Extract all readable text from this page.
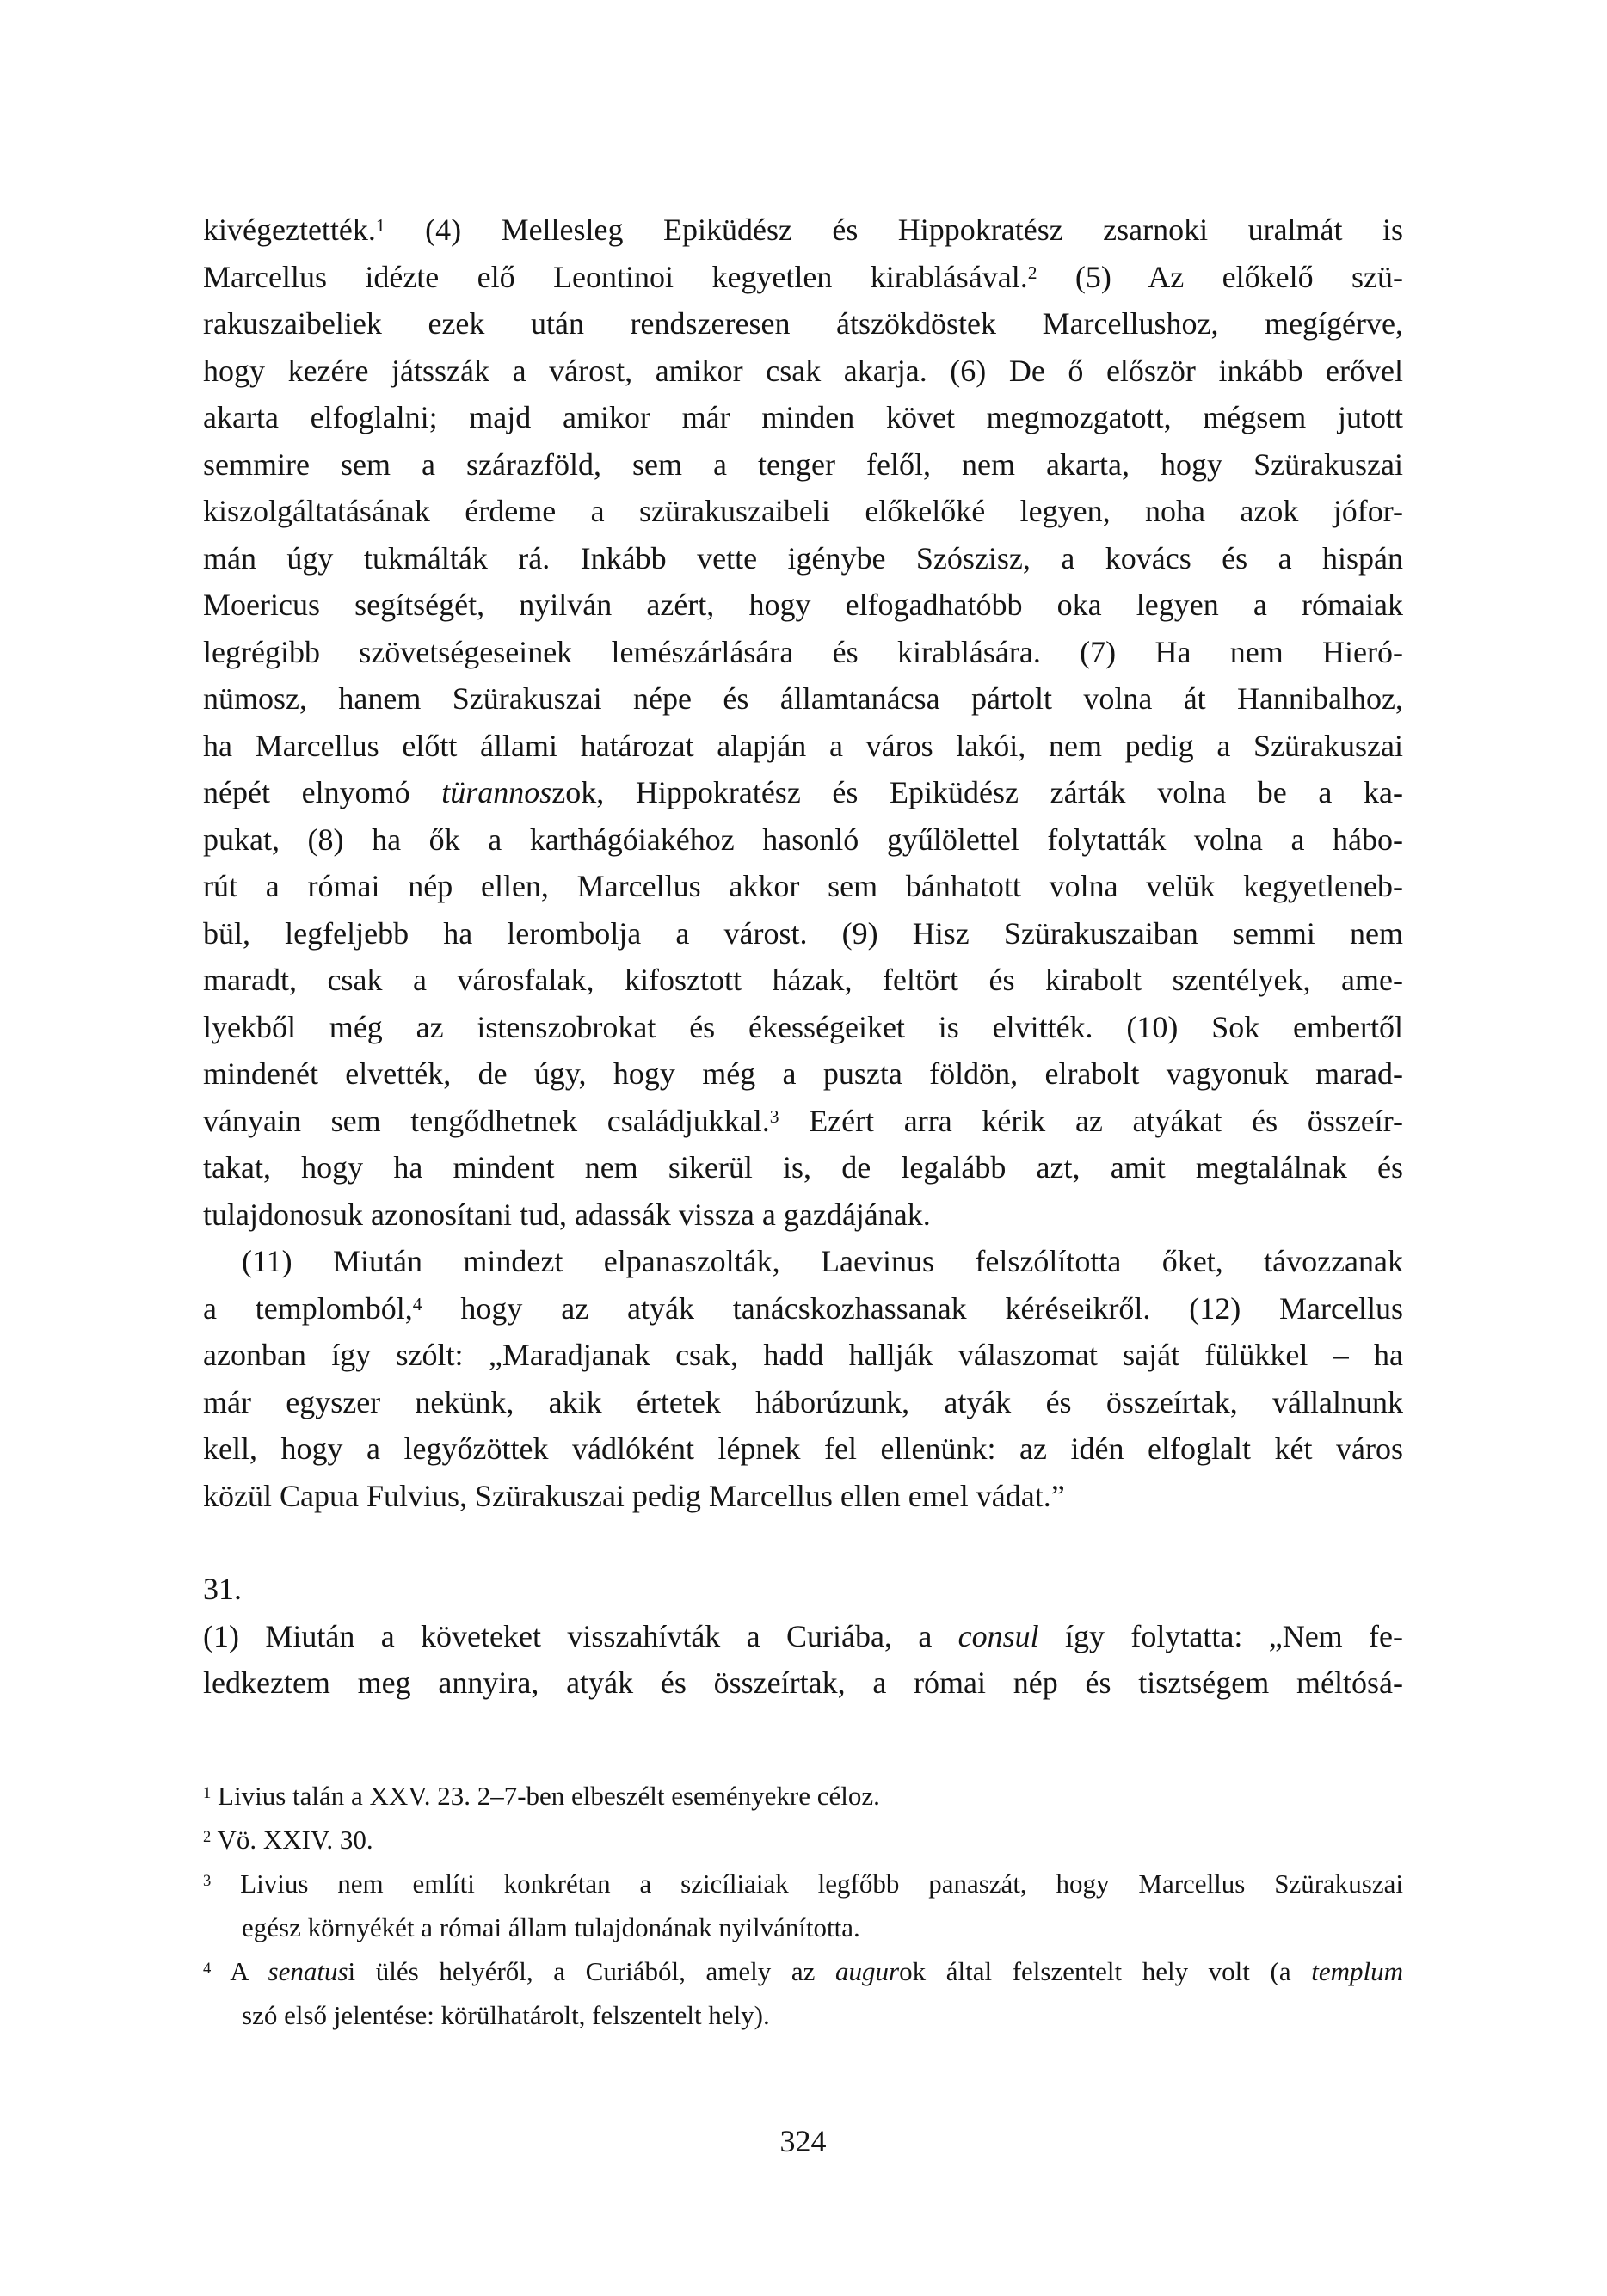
kivégeztették.$^1$ (4) Mellesleg Epiküdész és Hippokratész zsarnoki uralmát is
Marcellus idézte elő Leontinoi kegyetlen kirablásával.$^2$ (5) Az előkelő szü-
rakuszaibeliek ezek után rendszeresen átszökdöstek Marcellushoz, megígérve,
hogy kezére játsszák a várost, amikor csak akarja. (6) De ő először inkább erővel
akarta elfoglalni; majd amikor már minden követ megmozgatott, mégsem jutott
semmire sem a szárazföld, sem a tenger felől, nem akarta, hogy Szürakuszai
kiszolgáltatásának érdeme a szürakuszaibeli előkelőké legyen, noha azok jófor-
mán úgy tukmálták rá. Inkább vette igénybe Szószisz, a kovács és a hispán
Moericus segítségét, nyilván azért, hogy elfogadhatóbb oka legyen a rómaiak
legrégibb szövetségeseinek lemészárlására és kirablására. (7) Ha nem Hieró-
nümosz, hanem Szürakuszai népe és államtanácsa pártolt volna át Hannibalhoz,
ha Marcellus előtt állami határozat alapján a város lakói, nem pedig a Szürakuszai
népét elnyomó türannoszok, Hippokratész és Epiküdész zárták volna be a ka-
pukat, (8) ha ők a karthágóiakéhoz hasonló gyűlölettel folytatták volna a hábo-
rút a római nép ellen, Marcellus akkor sem bánhatott volna velük kegyetleneb-
bül, legfeljebb ha lerombolja a várost. (9) Hisz Szürakuszaiban semmi nem
maradt, csak a városfalak, kifosztott házak, feltört és kirabolt szentélyek, ame-
lyekből még az istenszobrokat és ékességeiket is elvitték. (10) Sok embertől
mindenét elvették, de úgy, hogy még a puszta földön, elrabolt vagyonuk marad-
ványain sem tengődhetnek családjukkal.$^3$ Ezért arra kérik az atyákat és összeír-
takat, hogy ha mindent nem sikerül is, de legalább azt, amit megtalálnak és
tulajdonosuk azonosítani tud, adassák vissza a gazdájának.
(11) Miután mindezt elpanaszolták, Laevinus felszólította őket, távozzanak
a templomból,$^4$ hogy az atyák tanácskozhassanak kéréseikről. (12) Marcellus
azonban így szólt: „Maradjanak csak, hadd hallják válaszomat saját fülükkel – ha
már egyszer nekünk, akik értetek háborúzunk, atyák és összeírtak, vállalnunk
kell, hogy a legyőzöttek vádlóként lépnek fel ellenünk: az idén elfoglalt két város
közül Capua Fulvius, Szürakuszai pedig Marcellus ellen emel vádat.”
31.
(1) Miután a követeket visszahívták a Curiába, a consul így folytatta: „Nem fe-
ledkeztem meg annyira, atyák és összeírtak, a római nép és tisztségem méltósá-
$^1$ Livius talán a XXV. 23. 2–7-ben elbeszélt eseményekre céloz.
$^2$ Vö. XXIV. 30.
$^3$ Livius nem említi konkrétan a szicíliaiak legfőbb panaszát, hogy Marcellus Szürakuszai
egész környékét a római állam tulajdonának nyilvánította.
$^4$ A senatusi ülés helyéről, a Curiából, amely az augurok által felszentelt hely volt (a templum
szó első jelentése: körülhatárolt, felszentelt hely).
324
